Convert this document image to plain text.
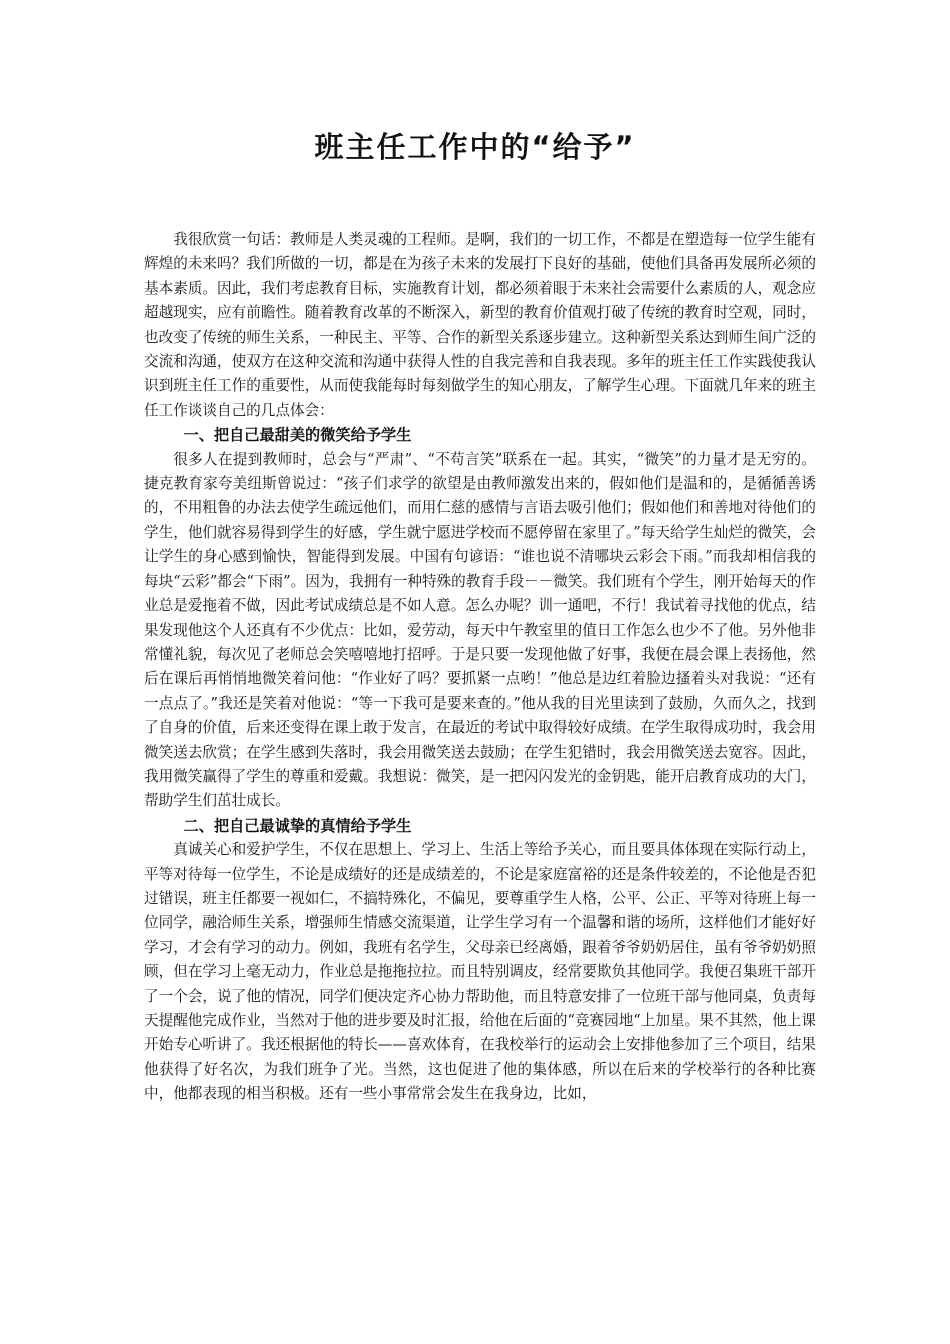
班主任工作中的“给予”

我很欣赏一句话：教师是人类灵魂的工程师。是啊，我们的一切工作，不都是在塑造每一位学生能有辉煌的未来吗？我们所做的一切，都是在为孩子未来的发展打下良好的基础，使他们具备再发展所必须的基本素质。因此，我们考虑教育目标，实施教育计划，都必须着眼于未来社会需要什么素质的人，观念应超越现实，应有前瞻性。随着教育改革的不断深入，新型的教育价值观打破了传统的教育时空观，同时，也改变了传统的师生关系，一种民主、平等、合作的新型关系逐步建立。这种新型关系达到师生间广泛的交流和沟通，使双方在这种交流和沟通中获得人性的自我完善和自我表现。多年的班主任工作实践使我认识到班主任工作的重要性，从而使我能每时每刻做学生的知心朋友，了解学生心理。下面就几年来的班主任工作谈谈自己的几点体会：

一、把自己最甜美的微笑给予学生

很多人在提到教师时，总会与“严肃”、“不苟言笑”联系在一起。其实，“微笑”的力量才是无穷的。捷克教育家夸美纽斯曾说过：“孩子们求学的欲望是由教师激发出来的，假如他们是温和的，是循循善诱的，不用粗鲁的办法去使学生疏远他们，而用仁慈的感情与言语去吸引他们；假如他们和善地对待他们的学生，他们就容易得到学生的好感，学生就宁愿进学校而不愿停留在家里了。”每天给学生灿烂的微笑，会让学生的身心感到愉快，智能得到发展。中国有句谚语：“谁也说不清哪块云彩会下雨。”而我却相信我的每块“云彩”都会“下雨”。因为，我拥有一种特殊的教育手段－－微笑。我们班有个学生，刚开始每天的作业总是爱拖着不做，因此考试成绩总是不如人意。怎么办呢？训一通吧，不行！我试着寻找他的优点，结果发现他这个人还真有不少优点：比如，爱劳动，每天中午教室里的值日工作怎么也少不了他。另外他非常懂礼貌，每次见了老师总会笑嘻嘻地打招呼。于是只要一发现他做了好事，我便在晨会课上表扬他，然后在课后再悄悄地微笑着问他：“作业好了吗？要抓紧一点哟！”他总是边红着脸边搔着头对我说：“还有一点点了。”我还是笑着对他说：“等一下我可是要来查的。”他从我的目光里读到了鼓励，久而久之，找到了自身的价值，后来还变得在课上敢于发言，在最近的考试中取得较好成绩。在学生取得成功时，我会用微笑送去欣赏；在学生感到失落时，我会用微笑送去鼓励；在学生犯错时，我会用微笑送去宽容。因此，我用微笑赢得了学生的尊重和爱戴。我想说：微笑，是一把闪闪发光的金钥匙，能开启教育成功的大门，帮助学生们茁壮成长。

二、把自己最诚挚的真情给予学生

真诚关心和爱护学生，不仅在思想上、学习上、生活上等给予关心，而且要具体体现在实际行动上，平等对待每一位学生，不论是成绩好的还是成绩差的，不论是家庭富裕的还是条件较差的，不论他是否犯过错误，班主任都要一视如仁，不搞特殊化，不偏见，要尊重学生人格，公平、公正、平等对待班上每一位同学，融洽师生关系，增强师生情感交流渠道，让学生学习有一个温馨和谐的场所，这样他们才能好好学习，才会有学习的动力。例如，我班有名学生，父母亲已经离婚，跟着爷爷奶奶居住，虽有爷爷奶奶照顾，但在学习上毫无动力，作业总是拖拖拉拉。而且特别调皮，经常要欺负其他同学。我便召集班干部开了一个会，说了他的情况，同学们便决定齐心协力帮助他，而且特意安排了一位班干部与他同桌，负责每天提醒他完成作业，当然对于他的进步要及时汇报，给他在后面的“竞赛园地“上加星。果不其然，他上课开始专心听讲了。我还根据他的特长——喜欢体育，在我校举行的运动会上安排他参加了三个项目，结果他获得了好名次，为我们班争了光。当然，这也促进了他的集体感，所以在后来的学校举行的各种比赛中，他都表现的相当积极。还有一些小事常常会发生在我身边，比如，
